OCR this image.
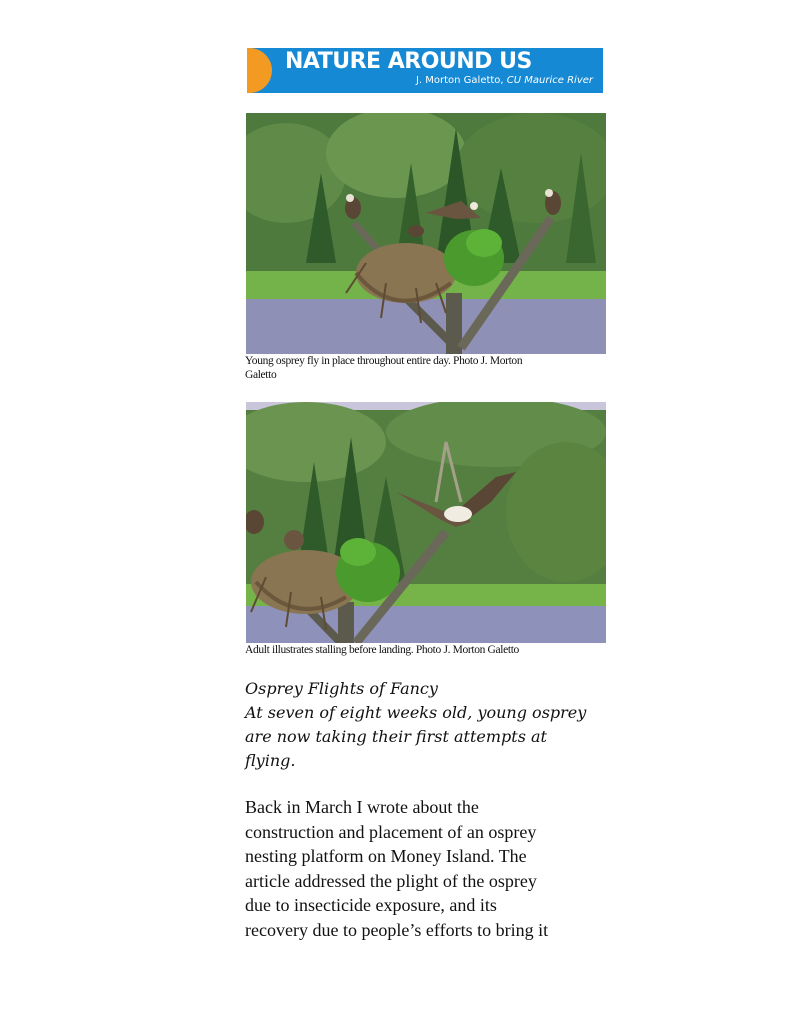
NATURE AROUND US
J. Morton Galetto, CU Maurice River
Young osprey fly in place throughout entire day. Photo J. Morton
Galetto
Adult illustrates stalling before landing. Photo J. Morton Galetto
Osprey Flights of Fancy
At seven of eight weeks old, young osprey
are now taking their first attempts at
flying.
Back in March I wrote about the
construction and placement of an osprey
nesting platform on Money Island. The
article addressed the plight of the osprey
due to insecticide exposure, and its
recovery due to people’s efforts to bring it
